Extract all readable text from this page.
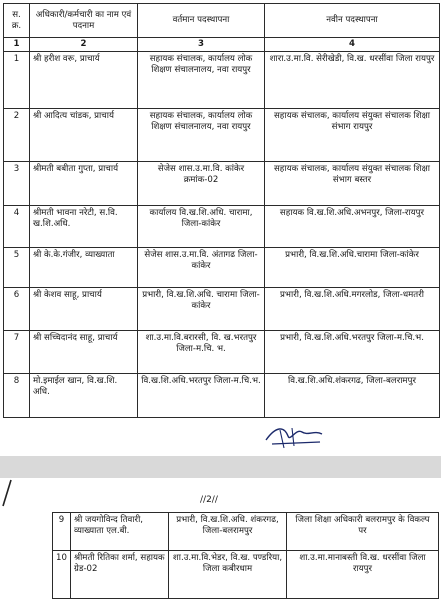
स. क्र.	अधिकारी/कर्मचारी का नाम एवं पदनाम	वर्तमान पदस्थापना	नवीन पदस्थापना
1	2	3	4
1	श्री हरीश वरू, प्राचार्य	सहायक संचालक, कार्यालय लोक शिक्षण संचालनालय, नवा रायपुर	शारा.उ.मा.वि. सेरीखेडी, वि.ख. धरसींवा जिला रायपुर
2	श्री आदित्य चांडक, प्राचार्य	सहायक संचालक, कार्यालय लोक शिक्षण संचालनालय, नवा रायपुर	सहायक संचालक, कार्यालय संयुक्त संचालक शिक्षा संभाग रायपुर
3	श्रीमती बबीता गुप्ता, प्राचार्य	सेजेस शास.उ.मा.वि. कांकेर क्रमांक-02	सहायक संचालक, कार्यालय संयुक्त संचालक शिक्षा संभाग बस्तर
4	श्रीमती भावना नरेटी, स.वि. ख.शि.अधि.	कार्यालय वि.ख.शि.अधि. चारामा, जिला-कांकेर	सहायक वि.ख.शि.अधि.अभनपुर, जिला-रायपुर
5	श्री के.के.गंजीर, व्याख्याता	सेजेस शास.उ.मा.वि. अंतागढ जिला-कांकेर	प्रभारी, वि.ख.शि.अधि.चारामा जिला-कांकेर
6	श्री केशव साहू, प्राचार्य	प्रभारी, वि.ख.शि.अधि. चारामा जिला-कांकेर	प्रभारी, वि.ख.शि.अधि.मगरलोड, जिला-धमतरी
7	श्री सच्चिदानंद साहू, प्राचार्य	शा.उ.मा.वि.बरारसी, वि. ख.भरतपुर जिला-म.चि. भ.	प्रभारी, वि.ख.शि.अधि.भरतपुर जिला-म.चि.भ.
8	मो.इमाईल खान, वि.ख.शि. अधि.	वि.ख.शि.अधि.भरतपुर जिला-म.चि.भ.	वि.ख.शि.अधि.शंकरगढ, जिला-बलरामपुर
//2//
9	श्री जयगोविन्द तिवारी, व्याख्याता एल.बी.	प्रभारी, वि.ख.शि.अधि. शंकरगढ, जिला-बलरामपुर	जिला शिक्षा अधिकारी बलरामपुर के विकल्प पर
10	श्रीमती रितिका शर्मा, सहायक ग्रेड-02	शा.उ.मा.वि.भेडर, वि.ख. पण्डरिया, जिला कबीरधाम	शा.उ.मा.मानाबस्ती वि.ख. धरसींवा जिला रायपुर
